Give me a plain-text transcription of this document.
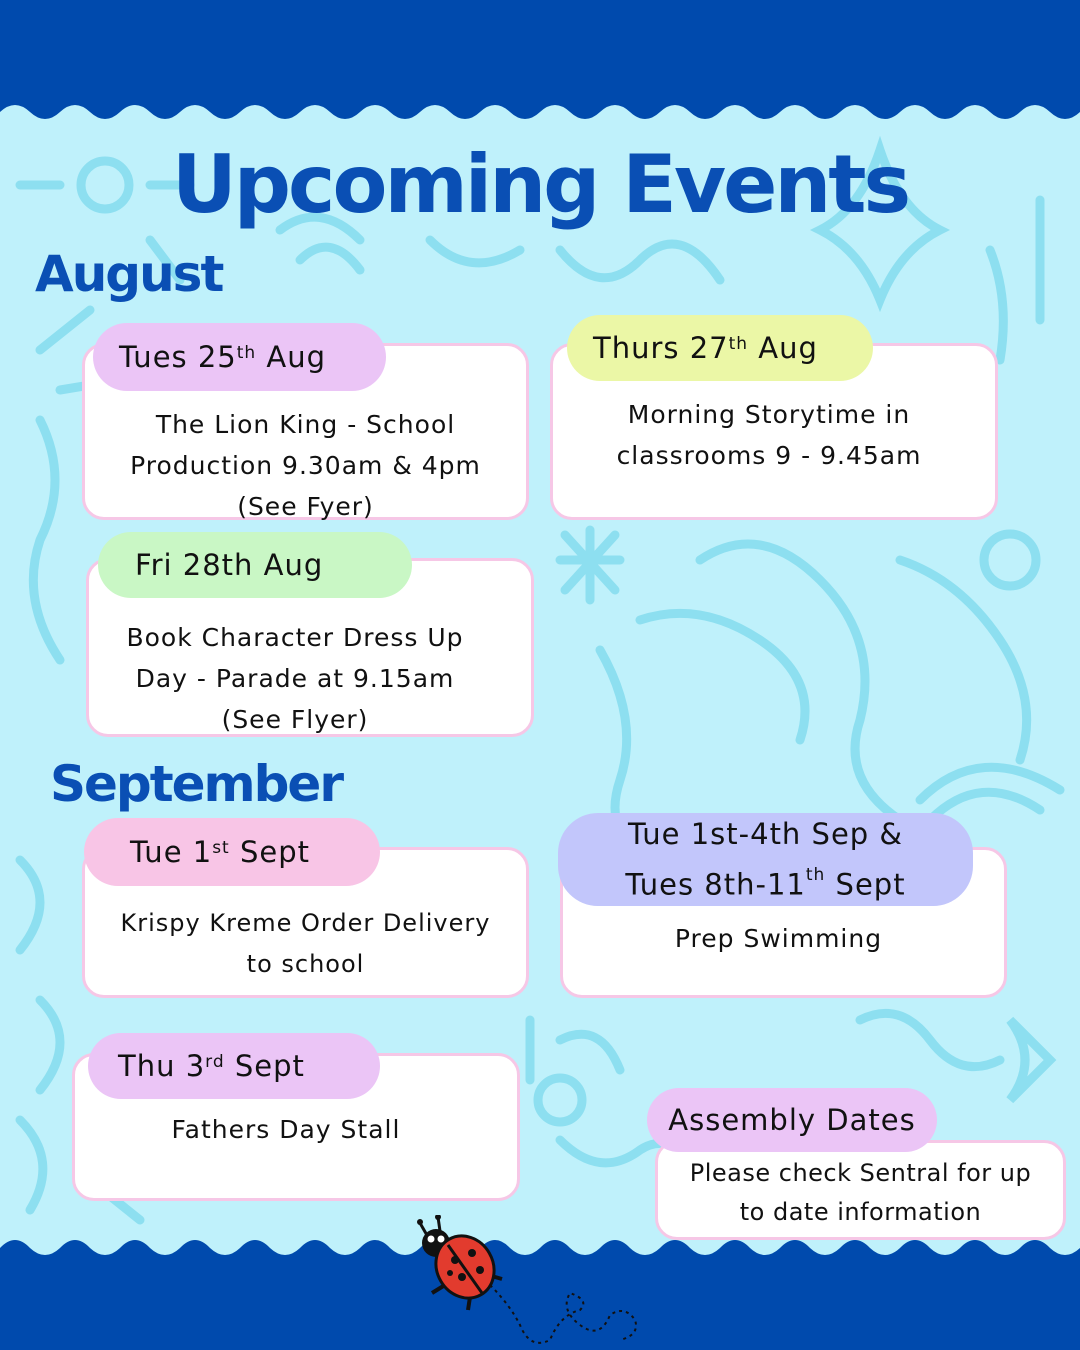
Upcoming Events
August
September
The Lion King - School
Production 9.30am & 4pm
(See Fyer)
Tues 25th Aug
Morning Storytime in
classrooms 9 - 9.45am
Thurs 27th Aug
Book Character Dress Up
Day - Parade at 9.15am
(See Flyer)
Fri 28th Aug
Krispy Kreme Order Delivery
to school
Tue 1st Sept
Prep Swimming
Tue 1st-4th Sep &
Tues 8th-11th Sept
Fathers Day Stall
Thu 3rd Sept
Please check Sentral for up
to date information
Assembly Dates
